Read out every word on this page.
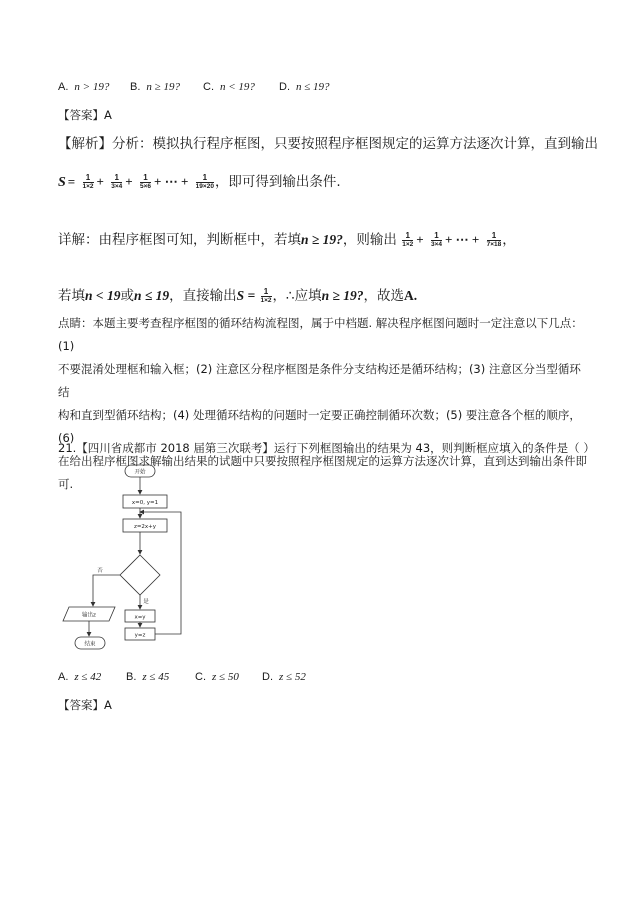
A. n > 19? B. n ≥ 19? C. n < 19? D. n ≤ 19?
【答案】A
【解析】分析：模拟执行程序框图，只要按照程序框图规定的运算方法逐次计算，直到输出
$S = \frac{1}{1\times 2} + \frac{1}{3\times 4} + \frac{1}{5\times 6}$ + ⋯ + $\frac{1}{19\times 20}$ ，即可得到输出条件.
详解：由程序框图可知，判断框中，若填n ≥ 19?，则输出 $\frac{1}{1\times 2} + \frac{1}{3\times 4}$ + ⋯ + $\frac{1}{7\times 18}$ ，
若填n < 19或n ≤ 19，直接输出$S = \frac{1}{1\times 2}$ ，∴应填n ≥ 19?，故选A.
点睛：本题主要考查程序框图的循环结构流程图，属于中档题. 解决程序框图问题时一定注意以下几点：(1)
不要混淆处理框和输入框；(2) 注意区分程序框图是条件分支结构还是循环结构；(3) 注意区分当型循环结
构和直到型循环结构；(4) 处理循环结构的问题时一定要正确控制循环次数；(5) 要注意各个框的顺序，(6)
在给出程序框图求解输出结果的试题中只要按照程序框图规定的运算方法逐次计算，直到达到输出条件即可.
21.【四川省成都市 2018 届第三次联考】运行下列框图输出的结果为 43，则判断框应填入的条件是（ ）
开始
x=0, y=1
z=2x+y
否
是
输出z
结束
x=y
y=z
A. z ≤ 42 B. z ≤ 45 C. z ≤ 50 D. z ≤ 52
【答案】A
